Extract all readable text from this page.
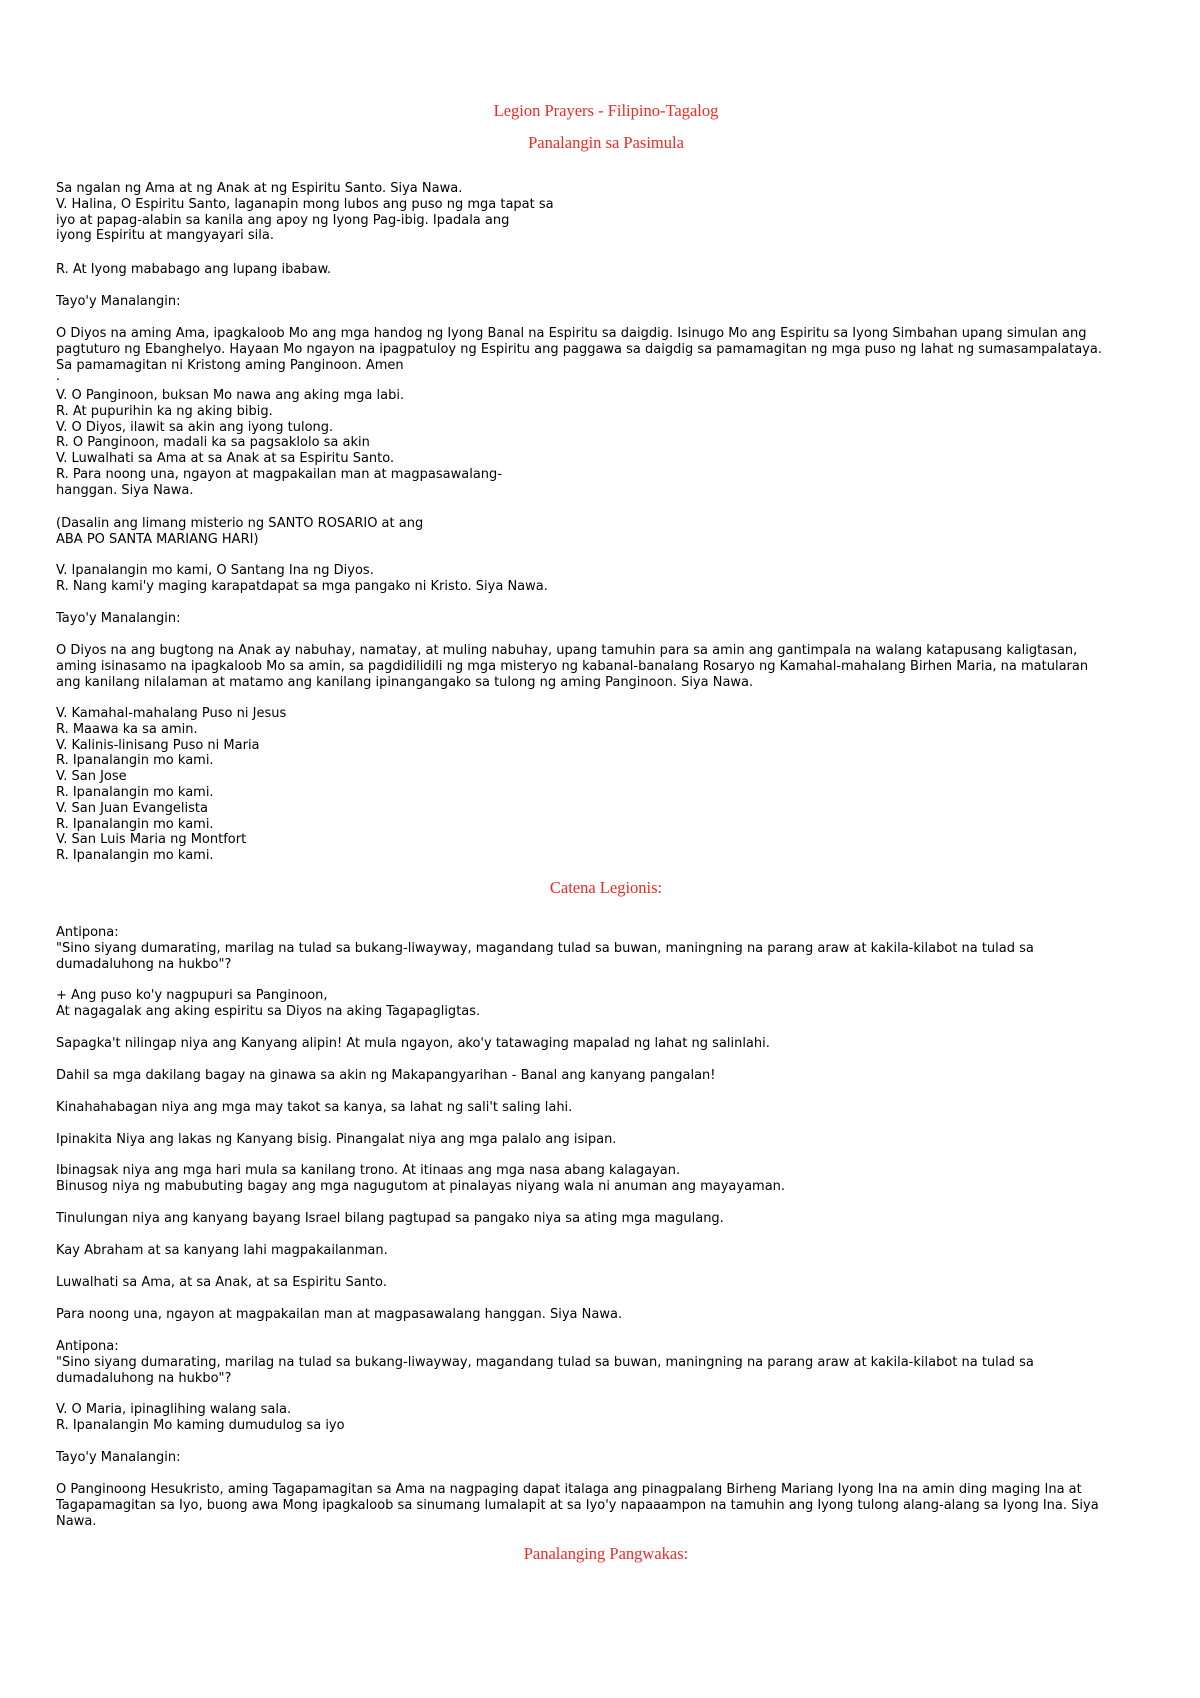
Legion Prayers - Filipino-Tagalog
Panalangin sa Pasimula
Sa ngalan ng Ama at ng Anak at ng Espiritu Santo. Siya Nawa.
V. Halina, O Espiritu Santo, laganapin mong lubos ang puso ng mga tapat sa
iyo at papag-alabin sa kanila ang apoy ng Iyong Pag-ibig. Ipadala ang
iyong Espiritu at mangyayari sila.
R. At Iyong mababago ang lupang ibabaw.
Tayo'y Manalangin:
O Diyos na aming Ama, ipagkaloob Mo ang mga handog ng Iyong Banal na Espiritu sa daigdig. Isinugo Mo ang Espiritu sa Iyong Simbahan upang simulan ang
pagtuturo ng Ebanghelyo. Hayaan Mo ngayon na ipagpatuloy ng Espiritu ang paggawa sa daigdig sa pamamagitan ng mga puso ng lahat ng sumasampalataya.
Sa pamamagitan ni Kristong aming Panginoon. Amen
.
V. O Panginoon, buksan Mo nawa ang aking mga labi.
R. At pupurihin ka ng aking bibig.
V. O Diyos, ilawit sa akin ang iyong tulong.
R. O Panginoon, madali ka sa pagsaklolo sa akin
V. Luwalhati sa Ama at sa Anak at sa Espiritu Santo.
R. Para noong una, ngayon at magpakailan man at magpasawalang-
hanggan. Siya Nawa.
(Dasalin ang limang misterio ng SANTO ROSARIO at ang
ABA PO SANTA MARIANG HARI)
V. Ipanalangin mo kami, O Santang Ina ng Diyos.
R. Nang kami'y maging karapatdapat sa mga pangako ni Kristo. Siya Nawa.
Tayo'y Manalangin:
O Diyos na ang bugtong na Anak ay nabuhay, namatay, at muling nabuhay, upang tamuhin para sa amin ang gantimpala na walang katapusang kaligtasan,
aming isinasamo na ipagkaloob Mo sa amin, sa pagdidilidili ng mga misteryo ng kabanal-banalang Rosaryo ng Kamahal-mahalang Birhen Maria, na matularan
ang kanilang nilalaman at matamo ang kanilang ipinangangako sa tulong ng aming Panginoon. Siya Nawa.
V. Kamahal-mahalang Puso ni Jesus
R. Maawa ka sa amin.
V. Kalinis-linisang Puso ni Maria
R. Ipanalangin mo kami.
V. San Jose
R. Ipanalangin mo kami.
V. San Juan Evangelista
R. Ipanalangin mo kami.
V. San Luis Maria ng Montfort
R. Ipanalangin mo kami.
Catena Legionis:
Antipona:
"Sino siyang dumarating, marilag na tulad sa bukang-liwayway, magandang tulad sa buwan, maningning na parang araw at kakila-kilabot na tulad sa
dumadaluhong na hukbo"?
+ Ang puso ko'y nagpupuri sa Panginoon,
At nagagalak ang aking espiritu sa Diyos na aking Tagapagligtas.
Sapagka't nilingap niya ang Kanyang alipin! At mula ngayon, ako'y tatawaging mapalad ng lahat ng salinlahi.
Dahil sa mga dakilang bagay na ginawa sa akin ng Makapangyarihan - Banal ang kanyang pangalan!
Kinahahabagan niya ang mga may takot sa kanya, sa lahat ng sali't saling lahi.
Ipinakita Niya ang lakas ng Kanyang bisig. Pinangalat niya ang mga palalo ang isipan.
Ibinagsak niya ang mga hari mula sa kanilang trono. At itinaas ang mga nasa abang kalagayan.
Binusog niya ng mabubuting bagay ang mga nagugutom at pinalayas niyang wala ni anuman ang mayayaman.
Tinulungan niya ang kanyang bayang Israel bilang pagtupad sa pangako niya sa ating mga magulang.
Kay Abraham at sa kanyang lahi magpakailanman.
Luwalhati sa Ama, at sa Anak, at sa Espiritu Santo.
Para noong una, ngayon at magpakailan man at magpasawalang hanggan. Siya Nawa.
Antipona:
"Sino siyang dumarating, marilag na tulad sa bukang-liwayway, magandang tulad sa buwan, maningning na parang araw at kakila-kilabot na tulad sa
dumadaluhong na hukbo"?
V. O Maria, ipinaglihing walang sala.
R. Ipanalangin Mo kaming dumudulog sa iyo
Tayo'y Manalangin:
O Panginoong Hesukristo, aming Tagapamagitan sa Ama na nagpaging dapat italaga ang pinagpalang Birheng Mariang Iyong Ina na amin ding maging Ina at
Tagapamagitan sa Iyo, buong awa Mong ipagkaloob sa sinumang lumalapit at sa Iyo'y napaaampon na tamuhin ang Iyong tulong alang-alang sa Iyong Ina. Siya
Nawa.
Panalanging Pangwakas:
